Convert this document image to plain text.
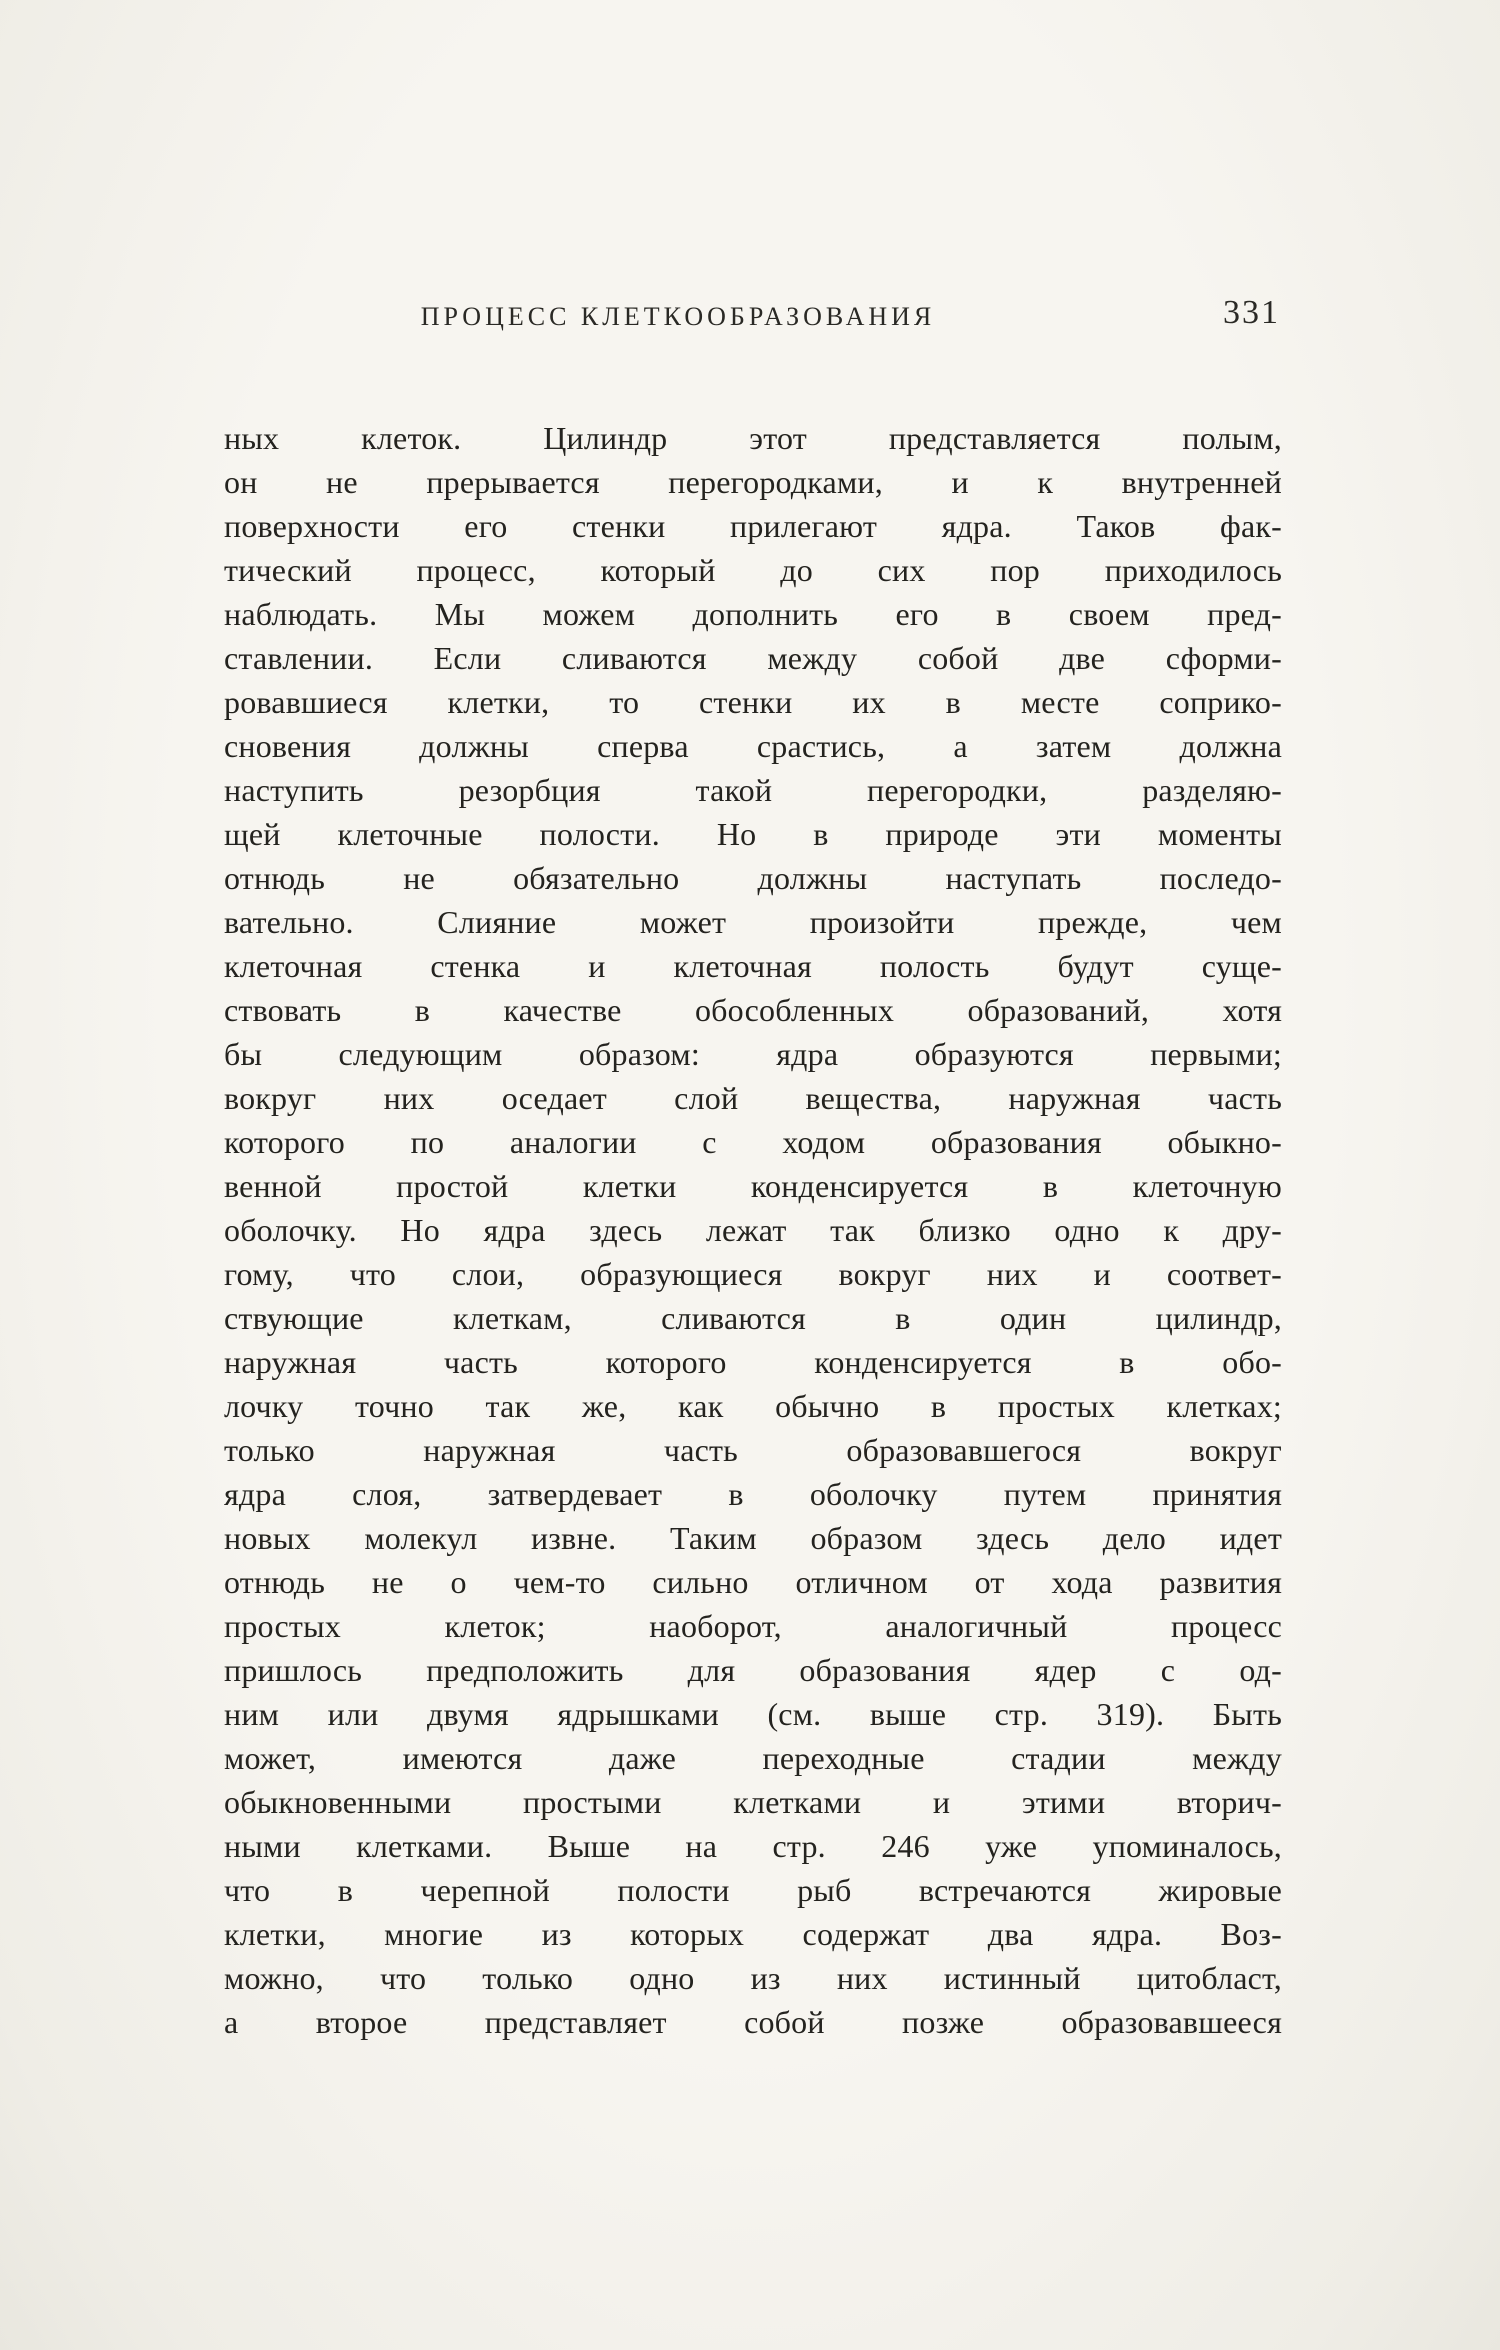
ПРОЦЕСС КЛЕТКООБРАЗОВАНИЯ	331
ных клеток. Цилиндр этот представляется полым,
он не прерывается перегородками, и к внутренней
поверхности его стенки прилегают ядра. Таков фак-
тический процесс, который до сих пор приходилось
наблюдать. Мы можем дополнить его в своем пред-
ставлении. Если сливаются между собой две сформи-
ровавшиеся клетки, то стенки их в месте соприко-
сновения должны сперва срастись, а затем должна
наступить резорбция такой перегородки, разделяю-
щей клеточные полости. Но в природе эти моменты
отнюдь не обязательно должны наступать последо-
вательно. Слияние может произойти прежде, чем
клеточная стенка и клеточная полость будут суще-
ствовать в качестве обособленных образований, хотя
бы следующим образом: ядра образуются первыми;
вокруг них оседает слой вещества, наружная часть
которого по аналогии с ходом образования обыкно-
венной простой клетки конденсируется в клеточную
оболочку. Но ядра здесь лежат так близко одно к дру-
гому, что слои, образующиеся вокруг них и соответ-
ствующие клеткам, сливаются в один цилиндр,
наружная часть которого конденсируется в обо-
лочку точно так же, как обычно в простых клетках;
только наружная часть образовавшегося вокруг
ядра слоя, затвердевает в оболочку путем принятия
новых молекул извне. Таким образом здесь дело идет
отнюдь не о чем-то сильно отличном от хода развития
простых клеток; наоборот, аналогичный процесс
пришлось предположить для образования ядер с од-
ним или двумя ядрышками (см. выше стр. 319). Быть
может, имеются даже переходные стадии между
обыкновенными простыми клетками и этими вторич-
ными клетками. Выше на стр. 246 уже упоминалось,
что в черепной полости рыб встречаются жировые
клетки, многие из которых содержат два ядра. Воз-
можно, что только одно из них истинный цитобласт,
а второе представляет собой позже образовавшееся
